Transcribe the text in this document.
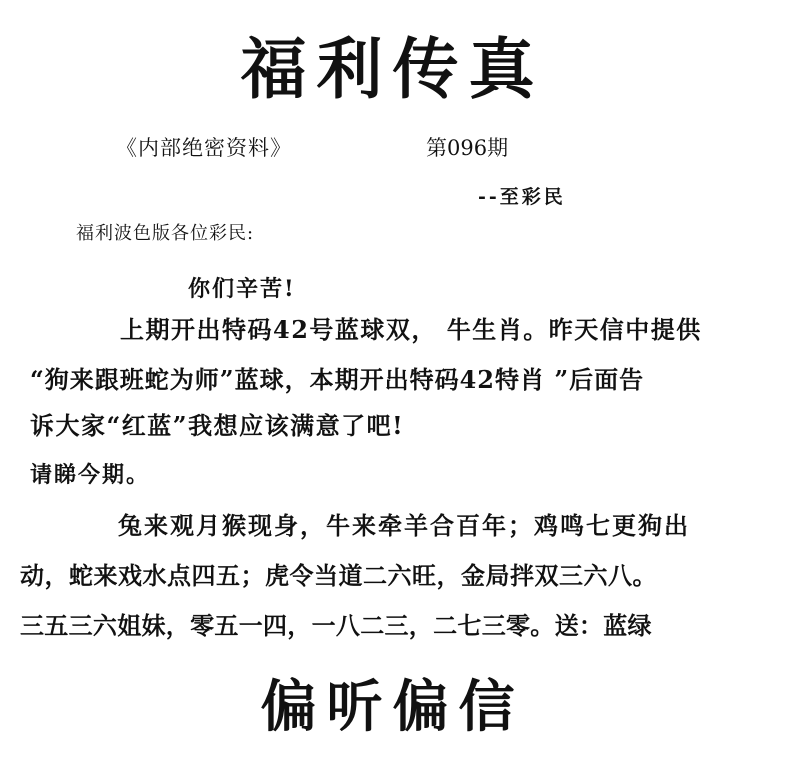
福利传真
《内部绝密资料》	第096期
--至彩民
福利波色版各位彩民:
你们辛苦!
上期开出特码42号蓝球双， 牛生肖。昨天信中提供
“狗来跟班蛇为师”蓝球，本期开出特码42特肖 ”后面告
诉大家“红蓝”我想应该满意了吧!
请睇今期。
兔来观月猴现身，牛来牵羊合百年；鸡鸣七更狗出
动，蛇来戏水点四五；虎令当道二六旺，金局拌双三六八。
三五三六姐妹，零五一四，一八二三，二七三零。送：蓝绿
偏听偏信
